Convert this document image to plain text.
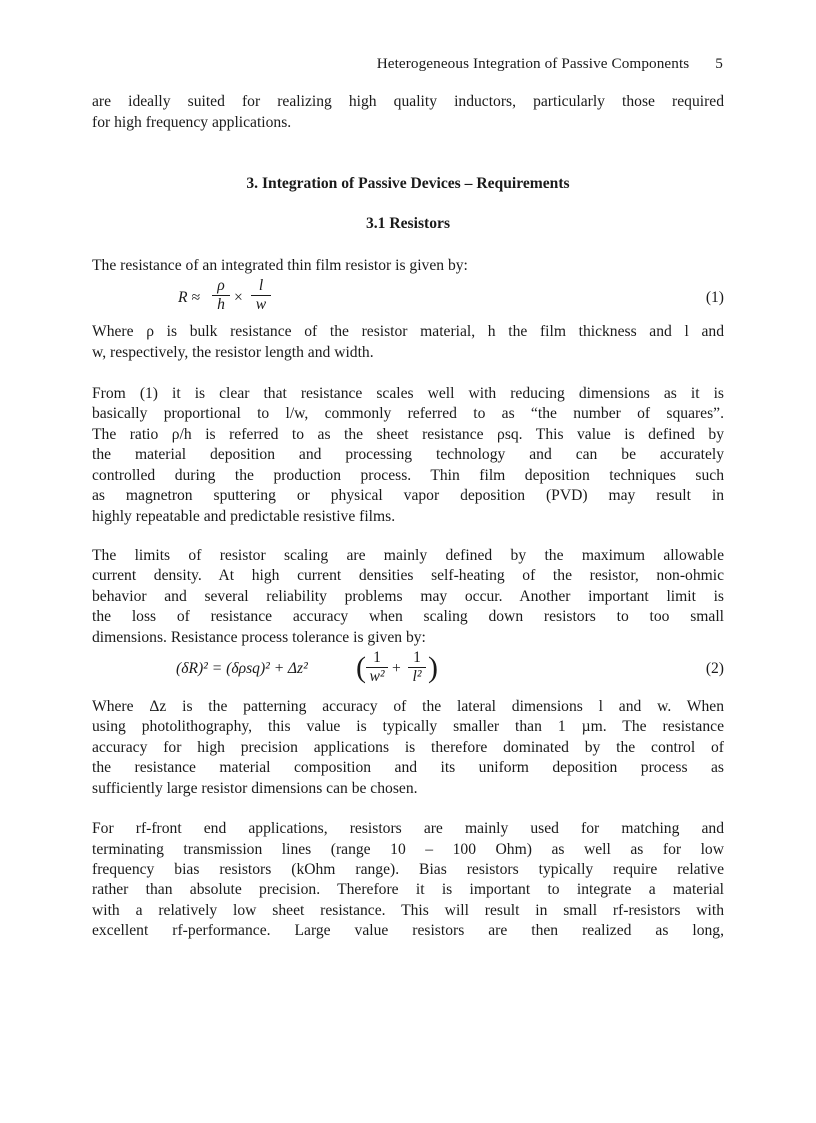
Heterogeneous Integration of Passive Components 5
are ideally suited for realizing high quality inductors, particularly those required
for high frequency applications.
3. Integration of Passive Devices – Requirements
3.1 Resistors
The resistance of an integrated thin film resistor is given by:
R ≈
ρ
h ×
l
w	(1)
Where ρ is bulk resistance of the resistor material, h the film thickness and l and
w, respectively, the resistor length and width.
From (1) it is clear that resistance scales well with reducing dimensions as it is
basically proportional to l/w, commonly referred to as “the number of squares”.
The ratio ρ/h is referred to as the sheet resistance ρsq. This value is defined by
the material deposition and processing technology and can be accurately
controlled during the production process. Thin film deposition techniques such
as magnetron sputtering or physical vapor deposition (PVD) may result in
highly repeatable and predictable resistive films.
The limits of resistor scaling are mainly defined by the maximum allowable
current density. At high current densities self-heating of the resistor, non-ohmic
behavior and several reliability problems may occur. Another important limit is
the loss of resistance accuracy when scaling down resistors to too small
dimensions. Resistance process tolerance is given by:
(δR)² = (δρsq)² + Δz² ( 1
w² +
1
l² )	(2)
Where Δz is the patterning accuracy of the lateral dimensions l and w. When
using photolithography, this value is typically smaller than 1 µm. The resistance
accuracy for high precision applications is therefore dominated by the control of
the resistance material composition and its uniform deposition process as
sufficiently large resistor dimensions can be chosen.
For rf-front end applications, resistors are mainly used for matching and
terminating transmission lines (range 10 – 100 Ohm) as well as for low
frequency bias resistors (kOhm range). Bias resistors typically require relative
rather than absolute precision. Therefore it is important to integrate a material
with a relatively low sheet resistance. This will result in small rf-resistors with
excellent rf-performance. Large value resistors are then realized as long,
